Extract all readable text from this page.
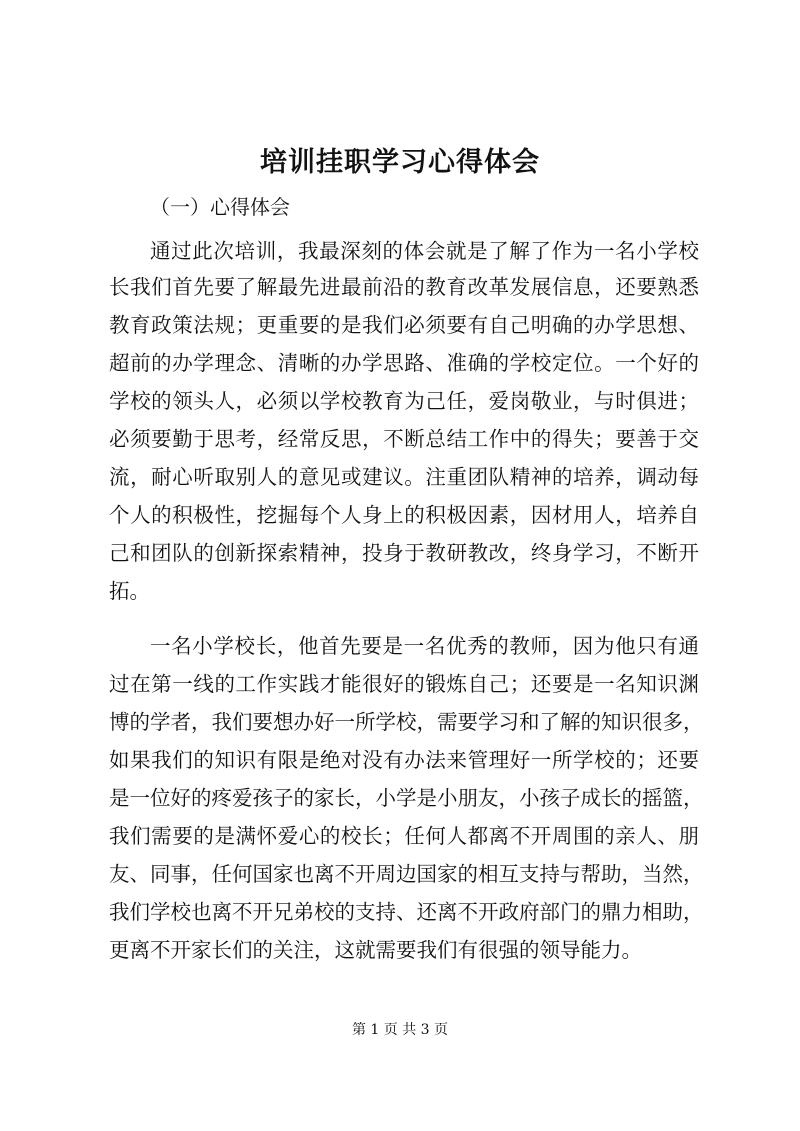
培训挂职学习心得体会
（一）心得体会
通过此次培训，我最深刻的体会就是了解了作为一名小学校
长我们首先要了解最先进最前沿的教育改革发展信息，还要熟悉
教育政策法规；更重要的是我们必须要有自己明确的办学思想、
超前的办学理念、清晰的办学思路、准确的学校定位。一个好的
学校的领头人，必须以学校教育为己任，爱岗敬业，与时俱进；
必须要勤于思考，经常反思，不断总结工作中的得失；要善于交
流，耐心听取别人的意见或建议。注重团队精神的培养，调动每
个人的积极性，挖掘每个人身上的积极因素，因材用人，培养自
己和团队的创新探索精神，投身于教研教改，终身学习，不断开
拓。
一名小学校长，他首先要是一名优秀的教师，因为他只有通
过在第一线的工作实践才能很好的锻炼自己；还要是一名知识渊
博的学者，我们要想办好一所学校，需要学习和了解的知识很多，
如果我们的知识有限是绝对没有办法来管理好一所学校的；还要
是一位好的疼爱孩子的家长，小学是小朋友，小孩子成长的摇篮，
我们需要的是满怀爱心的校长；任何人都离不开周围的亲人、朋
友、同事，任何国家也离不开周边国家的相互支持与帮助，当然，
我们学校也离不开兄弟校的支持、还离不开政府部门的鼎力相助，
更离不开家长们的关注，这就需要我们有很强的领导能力。
第 1 页 共 3 页
